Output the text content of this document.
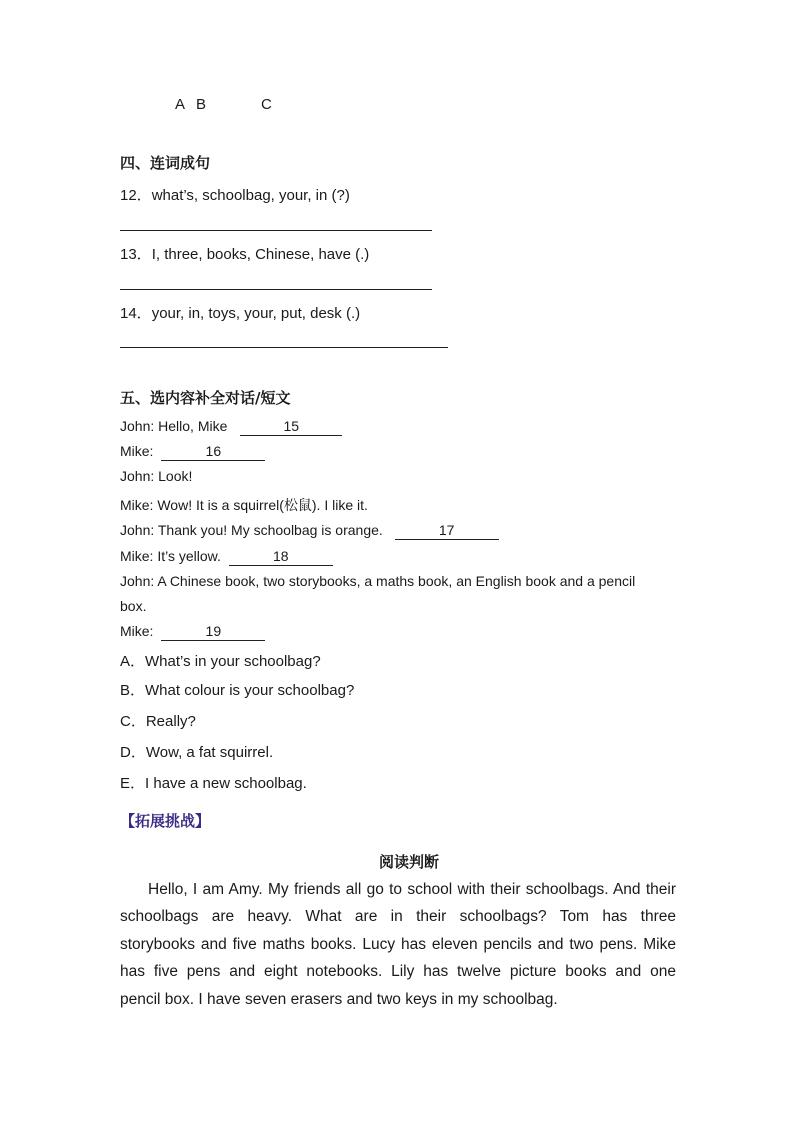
A B	C
四、连词成句
12．what’s, schoolbag, your, in (?)
13．I, three, books, Chinese, have (.)
14．your, in, toys, your, put, desk (.)
五、选内容补全对话/短文
John: Hello, Mike	15
Mike:	16
John: Look!
Mike: Wow! It is a squirrel(松鼠). I like it.
John: Thank you! My schoolbag is orange.	17
Mike: It’s yellow.	18
John: A Chinese book, two storybooks, a maths book, an English book and a pencil
box.
Mike:	19
A．What’s in your schoolbag?
B．What colour is your schoolbag?
C．Really?
D．Wow, a fat squirrel.
E．I have a new schoolbag.
【拓展挑战】
阅读判断
Hello, I am Amy. My friends all go to school with their schoolbags. And their
schoolbags are heavy. What are in their schoolbags? Tom has three
storybooks and five maths books. Lucy has eleven pencils and two pens. Mike
has five pens and eight notebooks. Lily has twelve picture books and one
pencil box. I have seven erasers and two keys in my schoolbag.
